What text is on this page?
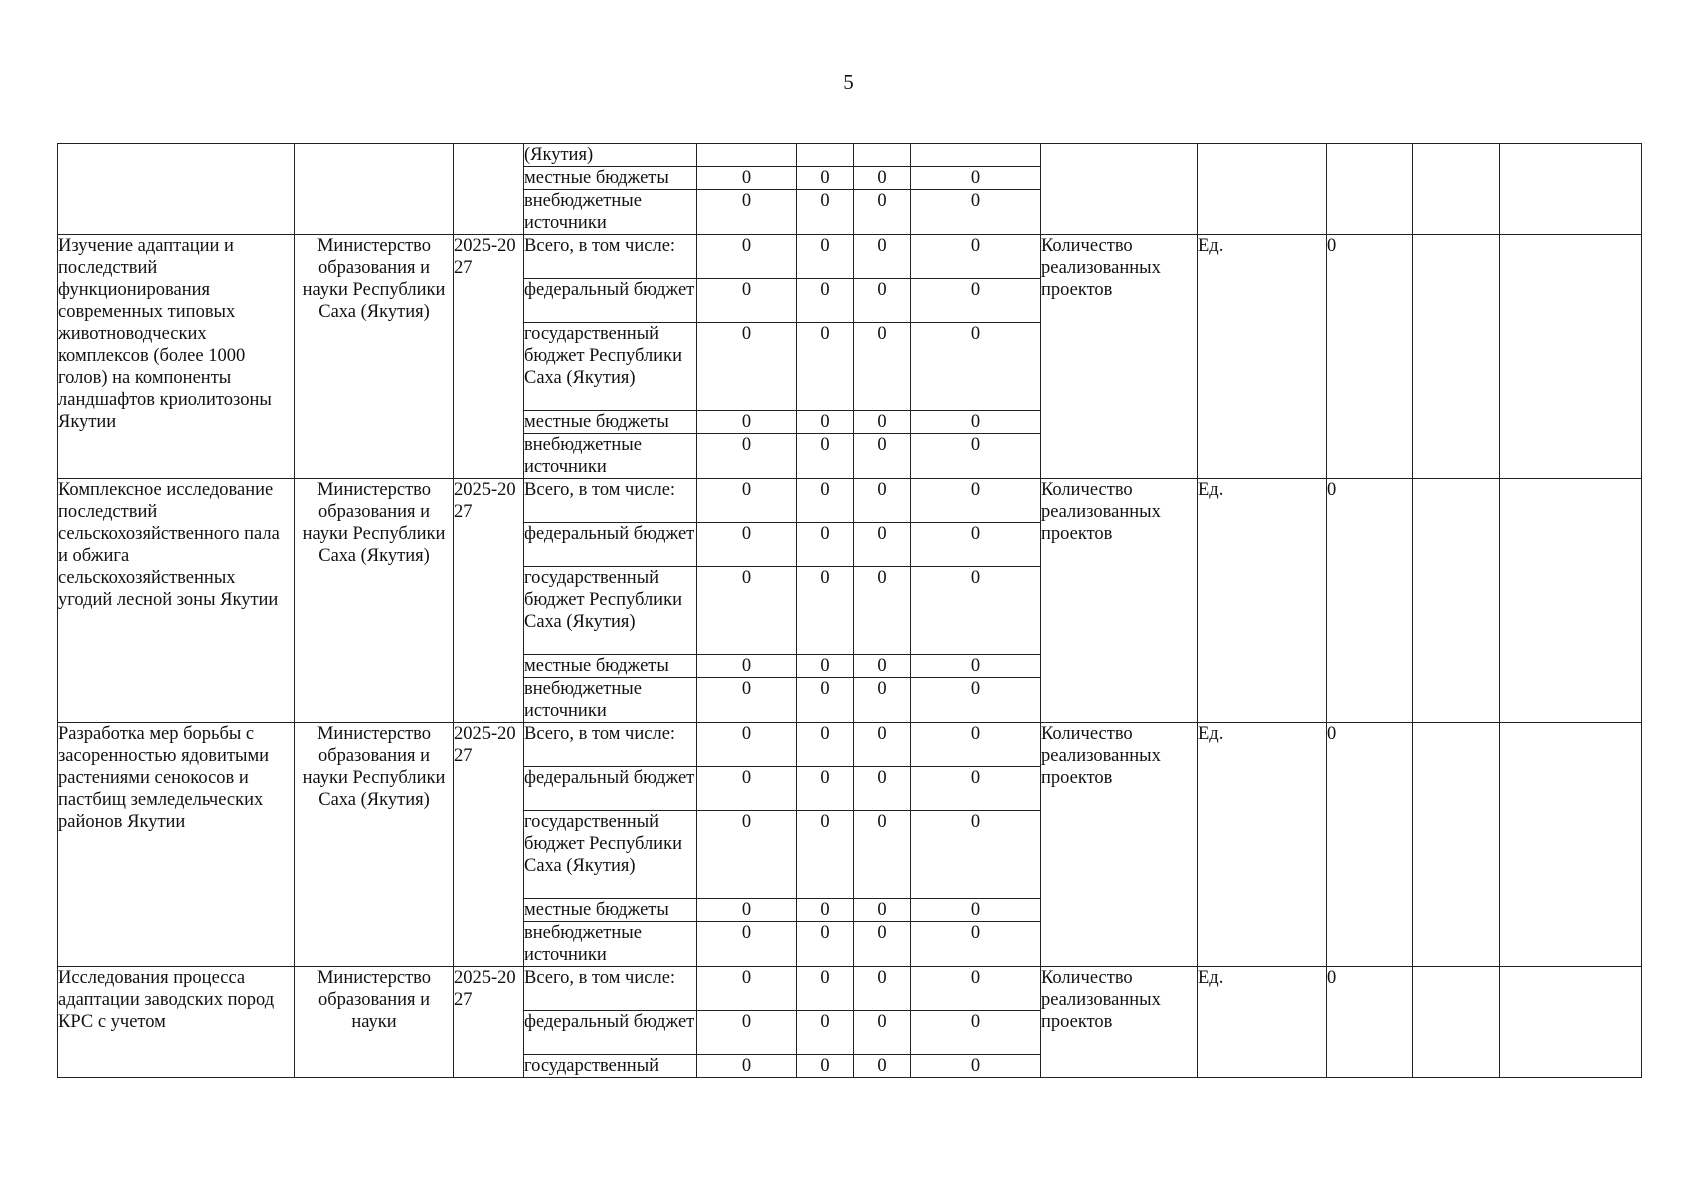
5
			(Якутия)									
			местные бюджеты	0	0	0	0					
			внебюджетные источники	0	0	0	0					
Изучение адаптации и последствий функционирования современных типовых животноводческих комплексов (более 1000 голов) на компоненты ландшафтов криолитозоны Якутии	Министерство образования и науки Республики Саха (Якутия)	2025-2027	Всего, в том числе:	0	0	0	0	Количество реализованных проектов	Ед.	0		
			федеральный бюджет	0	0	0	0					
			государственный бюджет Республики Саха (Якутия)	0	0	0	0					
			местные бюджеты	0	0	0	0					
			внебюджетные источники	0	0	0	0					
Комплексное исследование последствий сельскохозяйственного пала и обжига сельскохозяйственных угодий лесной зоны Якутии	Министерство образования и науки Республики Саха (Якутия)	2025-2027	Всего, в том числе:	0	0	0	0	Количество реализованных проектов	Ед.	0		
			федеральный бюджет	0	0	0	0					
			государственный бюджет Республики Саха (Якутия)	0	0	0	0					
			местные бюджеты	0	0	0	0					
			внебюджетные источники	0	0	0	0					
Разработка мер борьбы с засоренностью ядовитыми растениями сенокосов и пастбищ земледельческих районов Якутии	Министерство образования и науки Республики Саха (Якутия)	2025-2027	Всего, в том числе:	0	0	0	0	Количество реализованных проектов	Ед.	0		
			федеральный бюджет	0	0	0	0					
			государственный бюджет Республики Саха (Якутия)	0	0	0	0					
			местные бюджеты	0	0	0	0					
			внебюджетные источники	0	0	0	0					
Исследования процесса адаптации заводских пород КРС с учетом	Министерство образования и науки	2025-2027	Всего, в том числе:	0	0	0	0	Количество реализованных проектов	Ед.	0		
			федеральный бюджет	0	0	0	0					
			государственный	0	0	0	0					
